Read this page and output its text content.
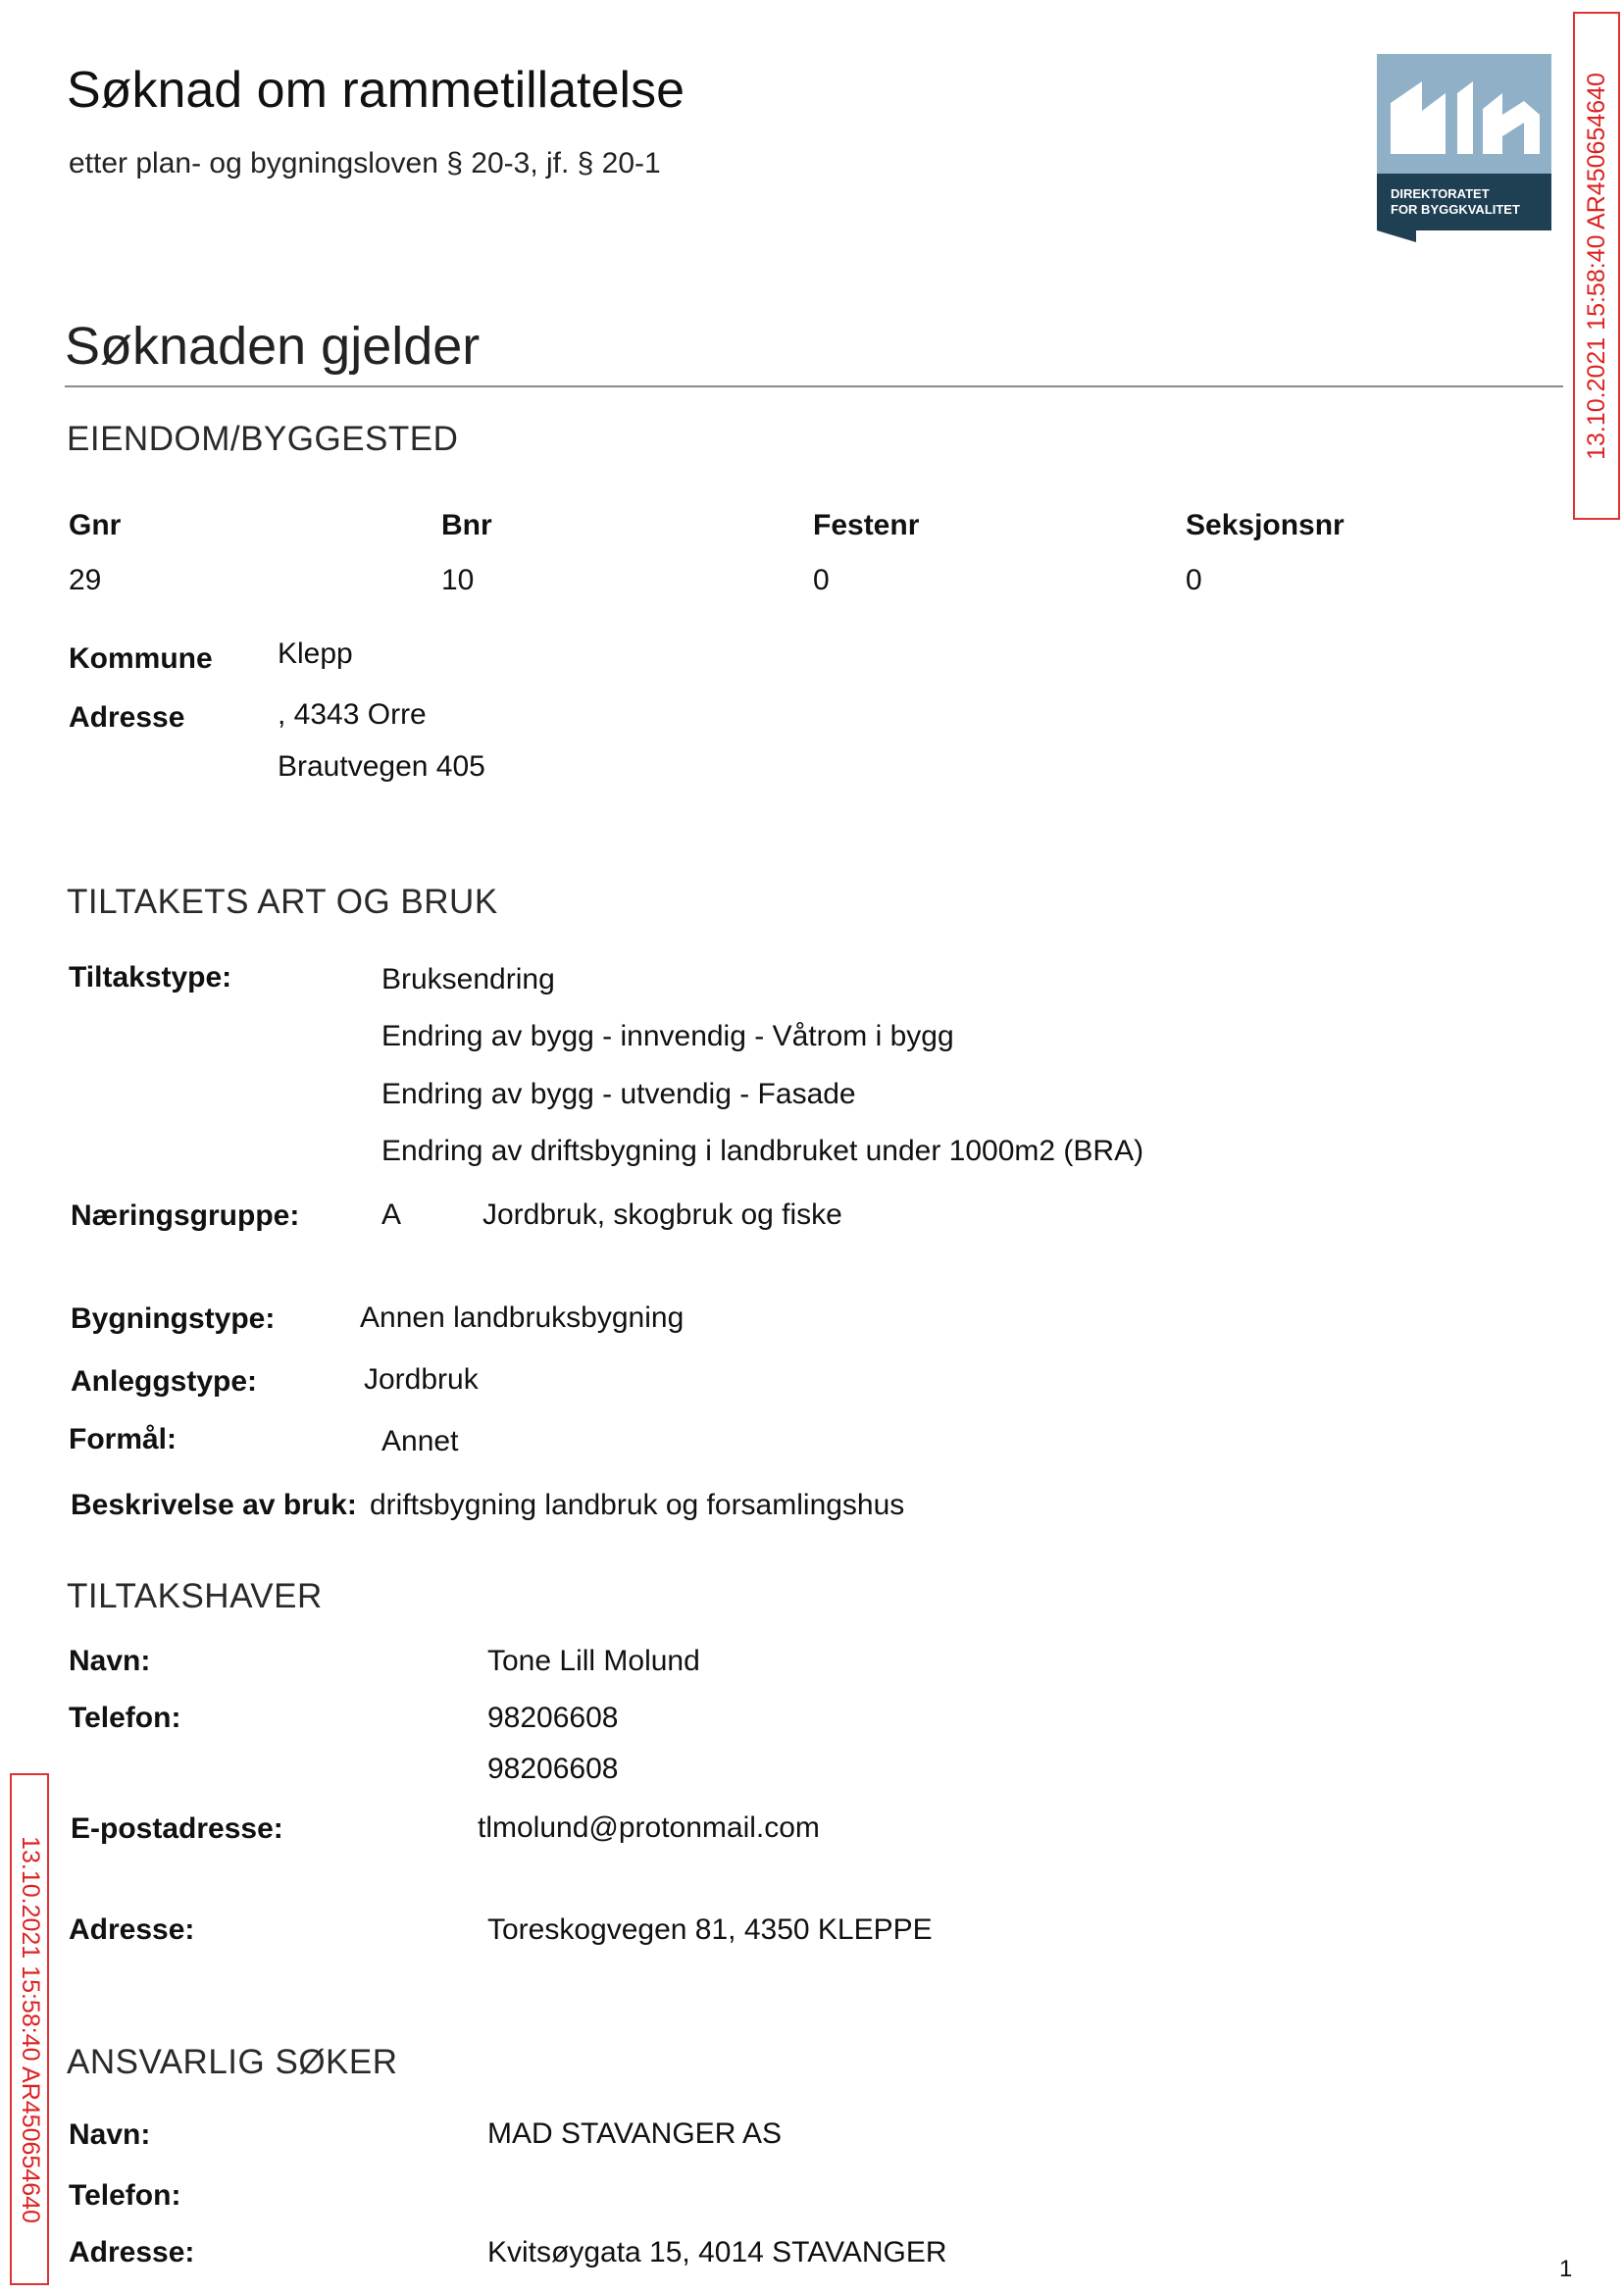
Søknad om rammetillatelse
etter plan- og bygningsloven § 20-3, jf. § 20-1
DIREKTORATET
FOR BYGGKVALITET	13.10.2021 15:58:40 AR450654640
13.10.2021 15:58:40 AR450654640
Søknaden gjelder
EIENDOM/BYGGESTED
Gnr	Bnr	Festenr	Seksjonsnr
29	10	0	0
Kommune Klepp
Adresse	, 4343 Orre
Brautvegen 405
TILTAKETS ART OG BRUK
Tiltakstype:	Bruksendring
Endring av bygg - innvendig - Våtrom i bygg
Endring av bygg - utvendig - Fasade
Endring av driftsbygning i landbruket under 1000m2 (BRA)
Næringsgruppe:	A	Jordbruk, skogbruk og fiske
Bygningstype:	Annen landbruksbygning
Anleggstype:	Jordbruk
Formål:	Annet
Beskrivelse av bruk: driftsbygning landbruk og forsamlingshus
TILTAKSHAVER
Navn:	Tone Lill Molund
Telefon:	98206608
98206608
E-postadresse:	tlmolund@protonmail.com
Adresse:	Toreskogvegen 81, 4350 KLEPPE
ANSVARLIG SØKER
Navn:	MAD STAVANGER AS
Telefon:
Adresse:	Kvitsøygata 15, 4014 STAVANGER
1
